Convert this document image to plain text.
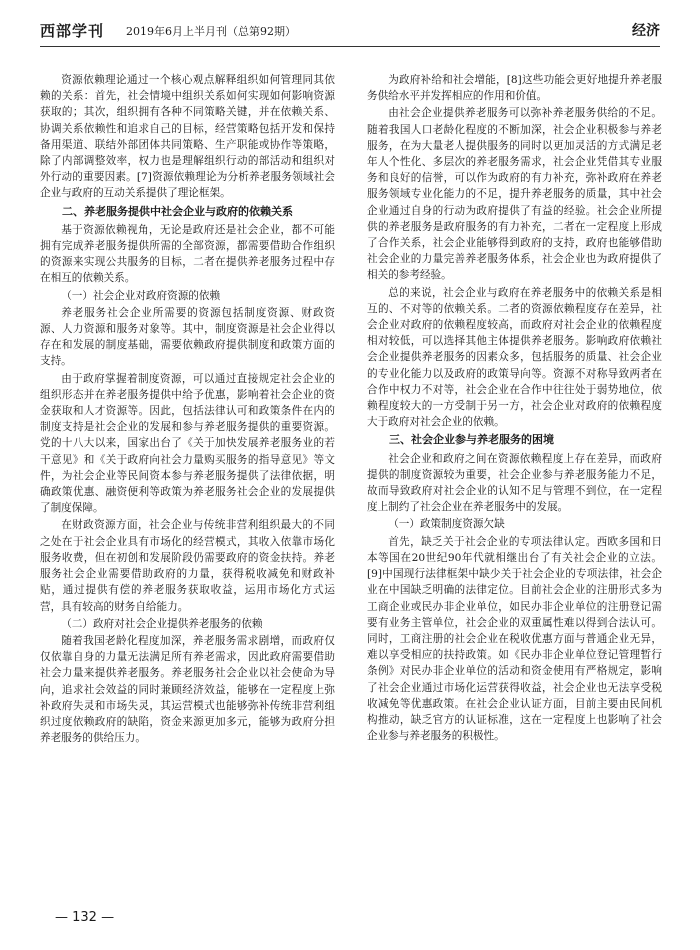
西部学刊 2019年6月上半月刊（总第92期）	经济

资源依赖理论通过一个核心观点解释组织如何管理同其依赖的关系：首先，社会情境中组织关系如何实现如何影响资源获取的；其次，组织拥有各种不同策略关键，并在依赖关系、协调关系依赖性和追求自己的目标，经营策略包括开发和保持备用渠道、联结外部团体共同策略、生产职能或协作等策略，除了内部调整效率，权力也是理解组织行动的部活动和组织对外行动的重要因素。[7]资源依赖理论为分析养老服务领域社会企业与政府的互动关系提供了理论框架。

二、养老服务提供中社会企业与政府的依赖关系

基于资源依赖视角，无论是政府还是社会企业，都不可能拥有完成养老服务提供所需的全部资源，都需要借助合作组织的资源来实现公共服务的目标，二者在提供养老服务过程中存在相互的依赖关系。

（一）社会企业对政府资源的依赖

养老服务社会企业所需要的资源包括制度资源、财政资源、人力资源和服务对象等。其中，制度资源是社会企业得以存在和发展的制度基础，需要依赖政府提供制度和政策方面的支持。

由于政府掌握着制度资源，可以通过直接规定社会企业的组织形态并在养老服务提供中给予优惠，影响着社会企业的资金获取和人才资源等。因此，包括法律认可和政策条件在内的制度支持是社会企业的发展和参与养老服务提供的重要资源。党的十八大以来，国家出台了《关于加快发展养老服务业的若干意见》和《关于政府向社会力量购买服务的指导意见》等文件，为社会企业等民间资本参与养老服务提供了法律依据，明确政策优惠、融资便利等政策为养老服务社会企业的发展提供了制度保障。

在财政资源方面，社会企业与传统非营利组织最大的不同之处在于社会企业具有市场化的经营模式，其收入依靠市场化服务收费，但在初创和发展阶段仍需要政府的资金扶持。养老服务社会企业需要借助政府的力量，获得税收减免和财政补贴，通过提供有偿的养老服务获取收益，运用市场化方式运营，具有较高的财务自给能力。

（二）政府对社会企业提供养老服务的依赖

随着我国老龄化程度加深，养老服务需求剧增，而政府仅仅依靠自身的力量无法满足所有养老需求，因此政府需要借助社会力量来提供养老服务。养老服务社会企业以社会使命为导向，追求社会效益的同时兼顾经济效益，能够在一定程度上弥补政府失灵和市场失灵，其运营模式也能够弥补传统非营利组织过度依赖政府的缺陷，资金来源更加多元，能够为政府分担养老服务的供给压力。

为政府补给和社会增能，[8]这些功能会更好地提升养老服务供给水平并发挥相应的作用和价值。

由社会企业提供养老服务可以弥补养老服务供给的不足。随着我国人口老龄化程度的不断加深，社会企业积极参与养老服务，在为大量老人提供服务的同时以更加灵活的方式满足老年人个性化、多层次的养老服务需求，社会企业凭借其专业服务和良好的信誉，可以作为政府的有力补充，弥补政府在养老服务领域专业化能力的不足，提升养老服务的质量，其中社会企业通过自身的行动为政府提供了有益的经验。社会企业所提供的养老服务是政府服务的有力补充，二者在一定程度上形成了合作关系，社会企业能够得到政府的支持，政府也能够借助社会企业的力量完善养老服务体系，社会企业也为政府提供了相关的参考经验。

总的来说，社会企业与政府在养老服务中的依赖关系是相互的、不对等的依赖关系。二者的资源依赖程度存在差异，社会企业对政府的依赖程度较高，而政府对社会企业的依赖程度相对较低，可以选择其他主体提供养老服务。影响政府依赖社会企业提供养老服务的因素众多，包括服务的质量、社会企业的专业化能力以及政府的政策导向等。资源不对称导致两者在合作中权力不对等，社会企业在合作中往往处于弱势地位，依赖程度较大的一方受制于另一方，社会企业对政府的依赖程度大于政府对社会企业的依赖。

三、社会企业参与养老服务的困境

社会企业和政府之间在资源依赖程度上存在差异，而政府提供的制度资源较为重要，社会企业参与养老服务能力不足，故而导致政府对社会企业的认知不足与管理不到位，在一定程度上制约了社会企业在养老服务中的发展。

（一）政策制度资源欠缺

首先，缺乏关于社会企业的专项法律认定。西欧多国和日本等国在20世纪90年代就相继出台了有关社会企业的立法。[9]中国现行法律框架中缺少关于社会企业的专项法律，社会企业在中国缺乏明确的法律定位。目前社会企业的注册形式多为工商企业或民办非企业单位，如民办非企业单位的注册登记需要有业务主管单位，社会企业的双重属性难以得到合法认可。同时，工商注册的社会企业在税收优惠方面与普通企业无异，难以享受相应的扶持政策。如《民办非企业单位登记管理暂行条例》对民办非企业单位的活动和资金使用有严格规定，影响了社会企业通过市场化运营获得收益，社会企业也无法享受税收减免等优惠政策。在社会企业认证方面，目前主要由民间机构推动，缺乏官方的认证标准，这在一定程度上也影响了社会企业参与养老服务的积极性。

— 132 —
